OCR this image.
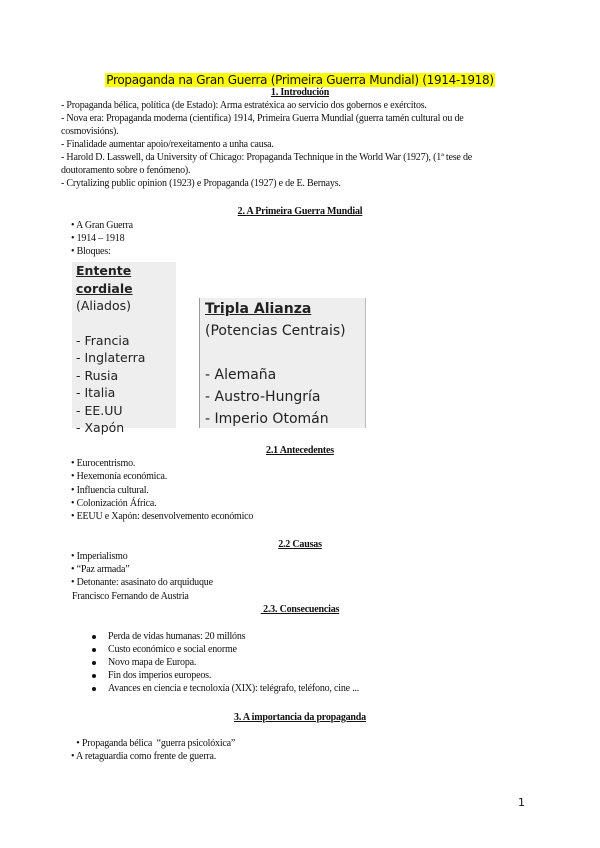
Propaganda na Gran Guerra (Primeira Guerra Mundial) (1914-1918)
1. Introdución
- Propaganda bélica, política (de Estado): Arma estratéxica ao servicio dos gobernos e exércitos.
- Nova era: Propaganda moderna (científica) 1914, Primeira Guerra Mundial (guerra tamén cultural ou de
cosmovisións).
- Finalidade aumentar apoio/rexeitamento a unha causa.
- Harold D. Lasswell, da University of Chicago: Propaganda Technique in the World War (1927), (1ª tese de
doutoramento sobre o fenómeno).
- Crytalizing public opinion (1923) e Propaganda (1927) e de E. Bernays.
2. A Primeira Guerra Mundial
• A Gran Guerra
• 1914 – 1918
• Bloques:
Entente cordiale
(Aliados)
- Francia
- Inglaterra
- Rusia
- Italia
- EE.UU
- Xapón
Tripla Alianza
(Potencias Centrais)
- Alemaña
- Austro-Hungría
- Imperio Otomán
2.1 Antecedentes
• Eurocentrismo.
• Hexemonía económica.
• Influencia cultural.
• Colonización África.
• EEUU e Xapón: desenvolvemento económico
2.2 Causas
• Imperialismo
• “Paz armada”
• Detonante: asasinato do arquiduque
Francisco Fernando de Austria
2.3. Consecuencias
Perda de vidas humanas: 20 millóns
Custo económico e social enorme
Novo mapa de Europa.
Fin dos imperios europeos.
Avances en ciencia e tecnoloxía (XIX): telégrafo, teléfono, cine ...
3. A importancia da propaganda
• Propaganda bélica  “guerra psicolóxica”
• A retaguardia como frente de guerra.
1
